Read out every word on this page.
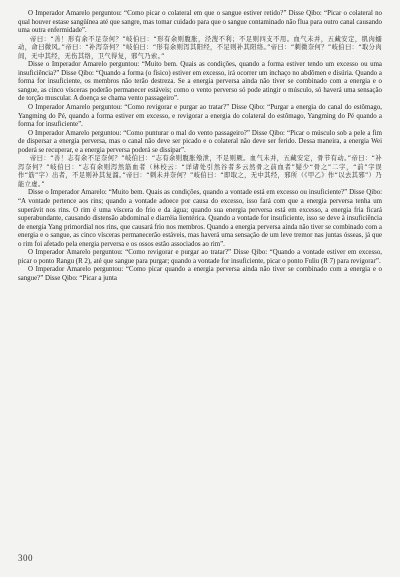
O Imperador Amarelo perguntou: “Como picar o colateral em que o sangue estiver retido?” Disse Qibo: “Picar o colateral no qual houver estase sangüínea até que sangre, mas tomar cuidado para que o sangue contaminado não flua para outro canal causando uma outra enfermidade”.

帝曰：“善！形有余不足奈何？”岐伯曰：“形有余则腹胀，泾溲不利；不足则四支不用。血气未并，五藏安定，肌肉蠕动，命曰微风。”帝曰：“补泻奈何？”岐伯曰：“形有余则泻其阳经，不足则补其阳络。”帝曰：“刺微奈何？”岐伯曰：“取分肉间，无中其经，无伤其络，卫气得复，邪气乃索。”

Disse o Imperador Amarelo perguntou: “Muito bem. Quais as condições, quando a forma estiver tendo um excesso ou uma insuficiência?” Disse Qibo: “Quando a forma (o físico) estiver em excesso, irá ocorrer um inchaço no abdômen e disúria. Quando a forma for insuficiente, os membros não terão destreza. Se a energia perversa ainda não tiver se combinado com a energia e o sangue, as cinco vísceras poderão permanecer estáveis; como o vento perverso só pode atingir o músculo, só haverá uma sensação de torção muscular. A doença se chama vento passageiro”.

O Imperador Amarelo perguntou: “Como revigorar e purgar ao tratar?” Disse Qibo: “Purgar a energia do canal do estômago, Yangming do Pé, quando a forma estiver em excesso, e revigorar a energia do colateral do estômago, Yangming do Pé quando a forma for insuficiente”.

O Imperador Amarelo perguntou: “Como punturar o mal do vento passageiro?” Disse Qibo: “Picar o músculo sob a pele a fim de dispersar a energia perversa, mas o canal não deve ser picado e o colateral não deve ser ferido. Dessa maneira, a energia Wei poderá se recuperar, e a energia perversa poderá se dissipar”.

帝曰：“善！志有余不足奈何？”岐伯曰：“志有余则腹胀飧泄，不足则厥。血气未并，五藏安定，骨节有动。”帝曰：“补泻奈何？”岐伯曰：“志有余则泻然筋血者（林校云：“详诸处引然谷者多云然骨之前血者”疑少“骨之”二字，“前”字误作“筋”字）出者，不足则补其复溜。”帝曰：“刺未并奈何？”岐伯曰：“即取之，无中其经，邪所（《甲乙》作“以去其邪”）乃能立虚。”

Disse o Imperador Amarelo: “Muito bem. Quais as condições, quando a vontade está em excesso ou insuficiente?” Disse Qibo: “A vontade pertence aos rins; quando a vontade adoece por causa do excesso, isso fará com que a energia perversa tenha um superávit nos rins. O rim é uma víscera do frio e da água; quando sua energia perversa está em excesso, a energia fria ficará superabundante, causando distensão abdominal e diarréia lientérica. Quando a vontade for insuficiente, isso se deve à insuficiência de energia Yang primordial nos rins, que causará frio nos membros. Quando a energia perversa ainda não tiver se combinado com a energia e o sangue, as cinco vísceras permanecerão estáveis, mas haverá uma sensação de um leve tremor nas juntas ósseas, já que o rim foi afetado pela energia perversa e os ossos estão associados ao rim”.

O Imperador Amarelo perguntou: “Como revigorar e purgar ao tratar?” Disse Qibo: “Quando a vontade estiver em excesso, picar o ponto Rangu (R 2), até que sangue para purgar; quando a vontade for insuficiente, picar o ponto Fuliu (R 7) para revigorar”.

O Imperador Amarelo perguntou: “Como picar quando a energia perversa ainda não tiver se combinado com a energia e o sangue?” Disse Qibo: “Picar a junta

300
